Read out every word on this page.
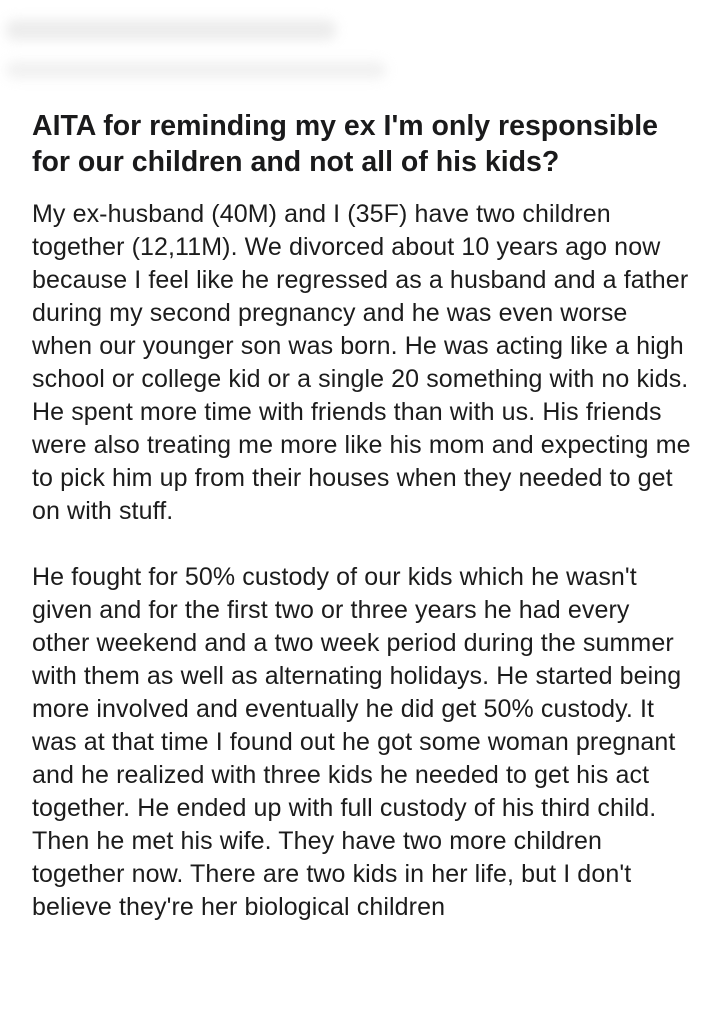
AITA for reminding my ex I'm only responsible for our children and not all of his kids?

My ex-husband (40M) and I (35F) have two children together (12,11M). We divorced about 10 years ago now because I feel like he regressed as a husband and a father during my second pregnancy and he was even worse when our younger son was born. He was acting like a high school or college kid or a single 20 something with no kids. He spent more time with friends than with us. His friends were also treating me more like his mom and expecting me to pick him up from their houses when they needed to get on with stuff.

He fought for 50% custody of our kids which he wasn't given and for the first two or three years he had every other weekend and a two week period during the summer with them as well as alternating holidays. He started being more involved and eventually he did get 50% custody. It was at that time I found out he got some woman pregnant and he realized with three kids he needed to get his act together. He ended up with full custody of his third child. Then he met his wife. They have two more children together now. There are two kids in her life, but I don't believe they're her biological children
